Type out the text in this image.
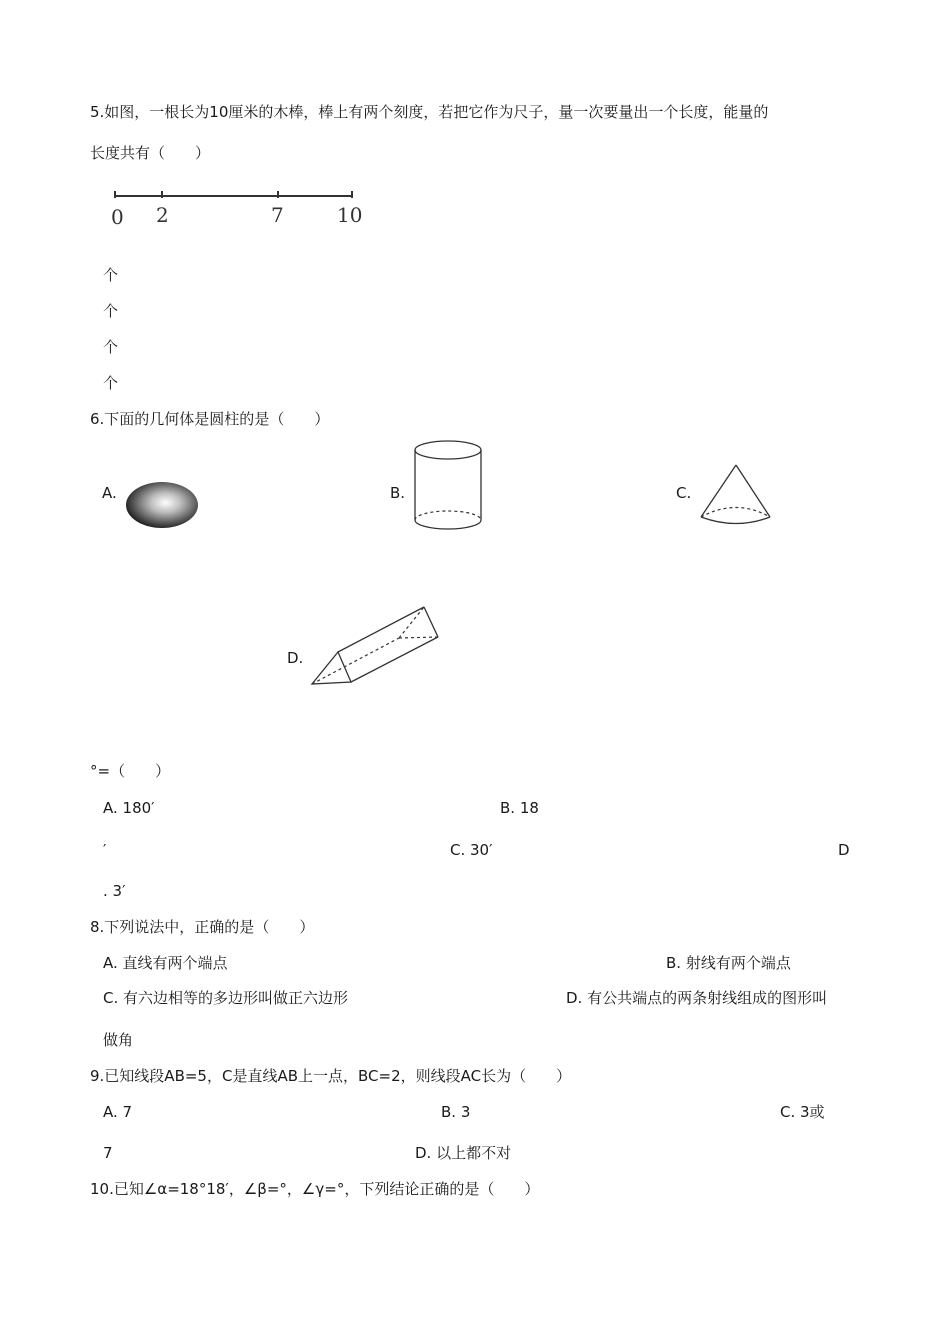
5.如图，一根长为10厘米的木棒，棒上有两个刻度，若把它作为尺子，量一次要量出一个长度，能量的
长度共有（　　）
0 2	7	10
个
个
个
个
6.下面的几何体是圆柱的是（　　）
A.	B.	C.
D.
°=（　　）
A. 180′	B. 18
′	C. 30′	D
. 3′
8.下列说法中，正确的是（　　）
A. 直线有两个端点	B. 射线有两个端点
C. 有六边相等的多边形叫做正六边形	D. 有公共端点的两条射线组成的图形叫
做角
9.已知线段AB=5，C是直线AB上一点，BC=2，则线段AC长为（　　）
A. 7	B. 3	C. 3或
7	D. 以上都不对
10.已知∠α=18°18′，∠β=°，∠γ=°，下列结论正确的是（　　）
